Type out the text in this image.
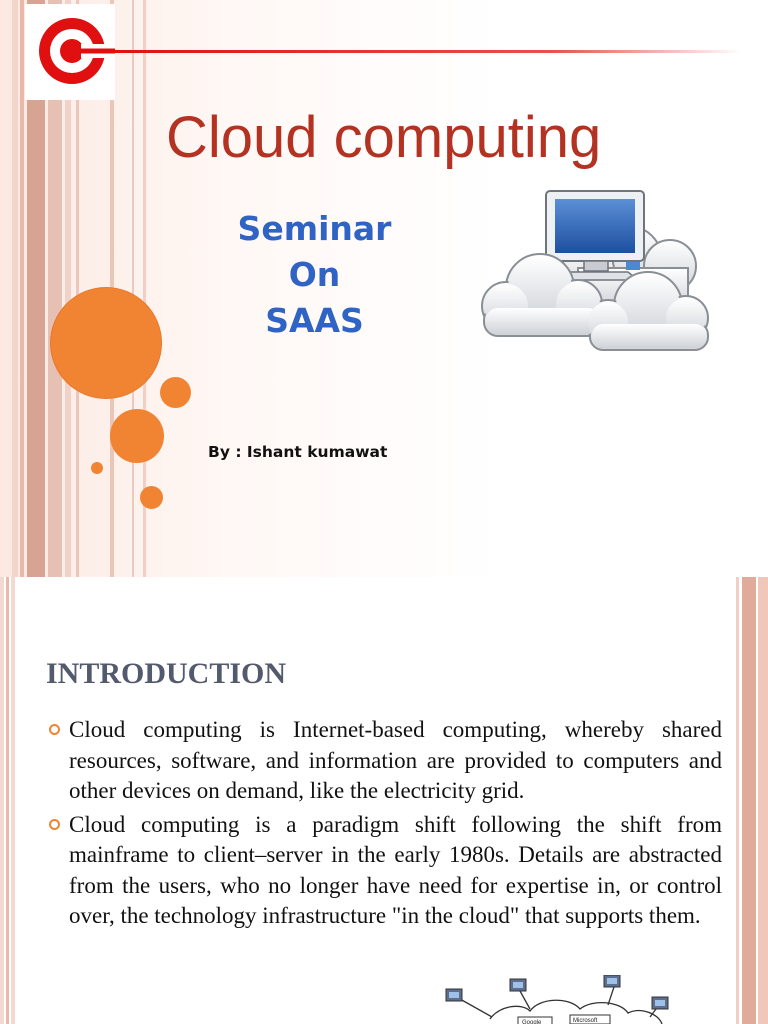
Cloud computing
Seminar
On
SAAS
By : Ishant kumawat
INTRODUCTION
Cloud computing is Internet-based computing, whereby shared resources, software, and information are provided to computers and other devices on demand, like the electricity grid.
Cloud computing is a paradigm shift following the shift from mainframe to client–server in the early 1980s. Details are abstracted from the users, who no longer have need for expertise in, or control over, the technology infrastructure "in the cloud" that supports them.
Google	Microsoft
